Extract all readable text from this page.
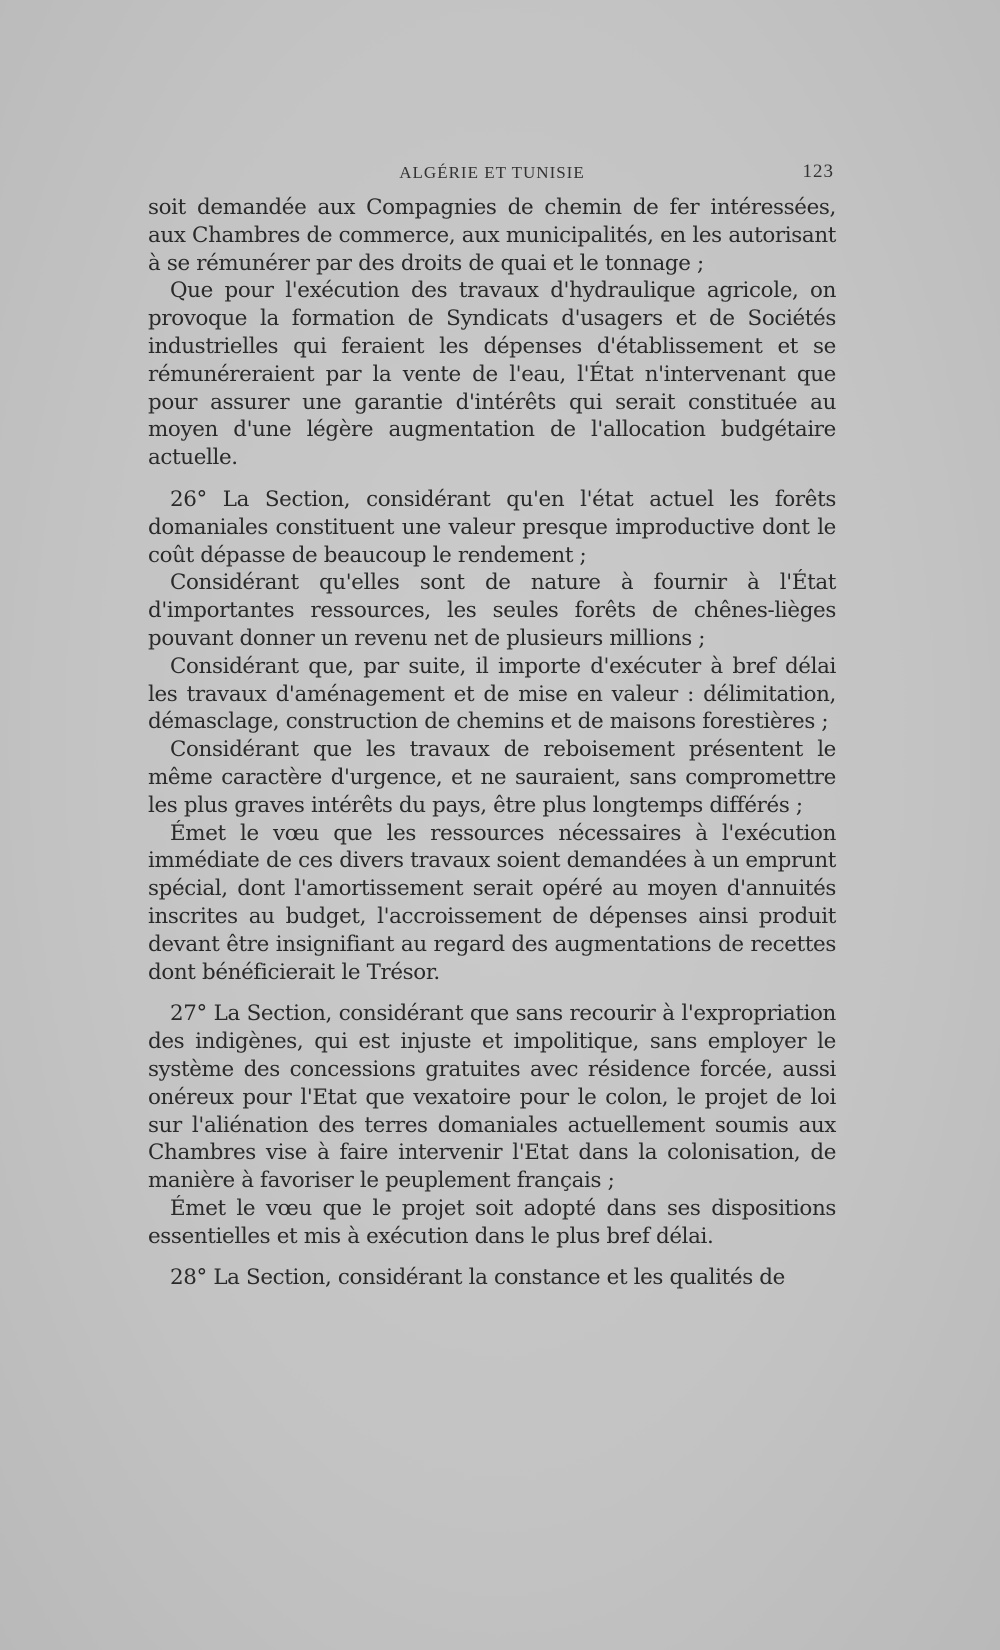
ALGÉRIE ET TUNISIE	123

soit demandée aux Compagnies de chemin de fer intéressées, aux Chambres de commerce, aux municipalités, en les autorisant à se rémunérer par des droits de quai et le tonnage ;

Que pour l'exécution des travaux d'hydraulique agricole, on provoque la formation de Syndicats d'usagers et de Sociétés industrielles qui feraient les dépenses d'établissement et se rémunéreraient par la vente de l'eau, l'État n'intervenant que pour assurer une garantie d'intérêts qui serait constituée au moyen d'une légère augmentation de l'allocation budgétaire actuelle.

26° La Section, considérant qu'en l'état actuel les forêts domaniales constituent une valeur presque improductive dont le coût dépasse de beaucoup le rendement ;

Considérant qu'elles sont de nature à fournir à l'État d'importantes ressources, les seules forêts de chênes-lièges pouvant donner un revenu net de plusieurs millions ;

Considérant que, par suite, il importe d'exécuter à bref délai les travaux d'aménagement et de mise en valeur : délimitation, démasclage, construction de chemins et de maisons forestières ;

Considérant que les travaux de reboisement présentent le même caractère d'urgence, et ne sauraient, sans compromettre les plus graves intérêts du pays, être plus longtemps différés ;

Émet le vœu que les ressources nécessaires à l'exécution immédiate de ces divers travaux soient demandées à un emprunt spécial, dont l'amortissement serait opéré au moyen d'annuités inscrites au budget, l'accroissement de dépenses ainsi produit devant être insignifiant au regard des augmentations de recettes dont bénéficierait le Trésor.

27° La Section, considérant que sans recourir à l'expropriation des indigènes, qui est injuste et impolitique, sans employer le système des concessions gratuites avec résidence forcée, aussi onéreux pour l'Etat que vexatoire pour le colon, le projet de loi sur l'aliénation des terres domaniales actuellement soumis aux Chambres vise à faire intervenir l'Etat dans la colonisation, de manière à favoriser le peuplement français ;

Émet le vœu que le projet soit adopté dans ses dispositions essentielles et mis à exécution dans le plus bref délai.

28° La Section, considérant la constance et les qualités de
